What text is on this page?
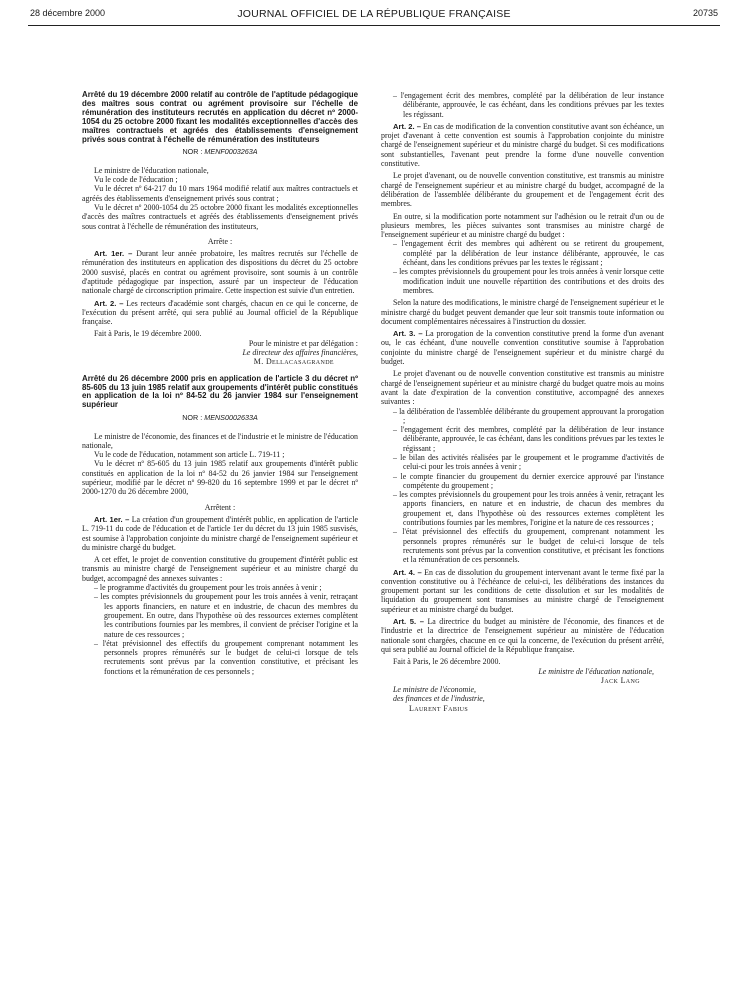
28 décembre 2000	JOURNAL OFFICIEL DE LA RÉPUBLIQUE FRANÇAISE	20735
Arrêté du 19 décembre 2000 relatif au contrôle de l'aptitude pédagogique des maîtres sous contrat ou agrément provisoire sur l'échelle de rémunération des instituteurs recrutés en application du décret nº 2000-1054 du 25 octobre 2000 fixant les modalités exceptionnelles d'accès des maîtres contractuels et agréés des établissements d'enseignement privés sous contrat à l'échelle de rémunération des instituteurs
NOR : MENF0003263A

Le ministre de l'éducation nationale,

Vu le code de l'éducation ;

Vu le décret nº 64-217 du 10 mars 1964 modifié relatif aux maîtres contractuels et agréés des établissements d'enseignement privés sous contrat ;

Vu le décret nº 2000-1054 du 25 octobre 2000 fixant les modalités exceptionnelles d'accès des maîtres contractuels et agréés des établissements d'enseignement privés sous contrat à l'échelle de rémunération des instituteurs,

Arrête :

Art. 1er. – Durant leur année probatoire, les maîtres recrutés sur l'échelle de rémunération des instituteurs en application des dispositions du décret du 25 octobre 2000 susvisé, placés en contrat ou agrément provisoire, sont soumis à un contrôle d'aptitude pédagogique par inspection, assuré par un inspecteur de l'éducation nationale chargé de circonscription primaire. Cette inspection est suivie d'un entretien.

Art. 2. – Les recteurs d'académie sont chargés, chacun en ce qui le concerne, de l'exécution du présent arrêté, qui sera publié au Journal officiel de la République française.

Fait à Paris, le 19 décembre 2000.

Pour le ministre et par délégation :

Le directeur des affaires financières,

M. Dellacasagrande

Arrêté du 26 décembre 2000 pris en application de l'article 3 du décret nº 85-605 du 13 juin 1985 relatif aux groupements d'intérêt public constitués en application de la loi nº 84-52 du 26 janvier 1984 sur l'enseignement supérieur
NOR : MENS0002633A

Le ministre de l'économie, des finances et de l'industrie et le ministre de l'éducation nationale,

Vu le code de l'éducation, notamment son article L. 719-11 ;

Vu le décret nº 85-605 du 13 juin 1985 relatif aux groupements d'intérêt public constitués en application de la loi nº 84-52 du 26 janvier 1984 sur l'enseignement supérieur, modifié par le décret nº 99-820 du 16 septembre 1999 et par le décret nº 2000-1270 du 26 décembre 2000,

Arrêtent :

Art. 1er. – La création d'un groupement d'intérêt public, en application de l'article L. 719-11 du code de l'éducation et de l'article 1er du décret du 13 juin 1985 susvisés, est soumise à l'approbation conjointe du ministre chargé de l'enseignement supérieur et du ministre chargé du budget.

A cet effet, le projet de convention constitutive du groupement d'intérêt public est transmis au ministre chargé de l'enseignement supérieur et au ministre chargé du budget, accompagné des annexes suivantes :

– le programme d'activités du groupement pour les trois années à venir ;
– les comptes prévisionnels du groupement pour les trois années à venir, retraçant les apports financiers, en nature et en industrie, de chacun des membres du groupement. En outre, dans l'hypothèse où des ressources externes complètent les contributions fournies par les membres, il convient de préciser l'origine et la nature de ces ressources ;
– l'état prévisionnel des effectifs du groupement comprenant notamment les personnels propres rémunérés sur le budget de celui-ci lorsque de tels recrutements sont prévus par la convention constitutive, et précisant les fonctions et la rémunération de ces personnels ;
– l'engagement écrit des membres, complété par la délibération de leur instance délibérante, approuvée, le cas échéant, dans les conditions prévues par les textes les régissant.

Art. 2. – En cas de modification de la convention constitutive avant son échéance, un projet d'avenant à cette convention est soumis à l'approbation conjointe du ministre chargé de l'enseignement supérieur et du ministre chargé du budget. Si ces modifications sont substantielles, l'avenant peut prendre la forme d'une nouvelle convention constitutive.

Le projet d'avenant, ou de nouvelle convention constitutive, est transmis au ministre chargé de l'enseignement supérieur et au ministre chargé du budget, accompagné de la délibération de l'assemblée délibérante du groupement et de l'engagement écrit des membres.

En outre, si la modification porte notamment sur l'adhésion ou le retrait d'un ou de plusieurs membres, les pièces suivantes sont transmises au ministre chargé de l'enseignement supérieur et au ministre chargé du budget :

– l'engagement écrit des membres qui adhèrent ou se retirent du groupement, complété par la délibération de leur instance délibérante, approuvée, le cas échéant, dans les conditions prévues par les textes le régissant ;
– les comptes prévisionnels du groupement pour les trois années à venir lorsque cette modification induit une nouvelle répartition des contributions et des droits des membres.

Selon la nature des modifications, le ministre chargé de l'enseignement supérieur et le ministre chargé du budget peuvent demander que leur soit transmis toute information ou document complémentaires nécessaires à l'instruction du dossier.

Art. 3. – La prorogation de la convention constitutive prend la forme d'un avenant ou, le cas échéant, d'une nouvelle convention constitutive soumise à l'approbation conjointe du ministre chargé de l'enseignement supérieur et du ministre chargé du budget.

Le projet d'avenant ou de nouvelle convention constitutive est transmis au ministre chargé de l'enseignement supérieur et au ministre chargé du budget quatre mois au moins avant la date d'expiration de la convention constitutive, accompagné des annexes suivantes :

– la délibération de l'assemblée délibérante du groupement approuvant la prorogation ;
– l'engagement écrit des membres, complété par la délibération de leur instance délibérante, approuvée, le cas échéant, dans les conditions prévues par les textes le régissant ;
– le bilan des activités réalisées par le groupement et le programme d'activités de celui-ci pour les trois années à venir ;
– le compte financier du groupement du dernier exercice approuvé par l'instance compétente du groupement ;
– les comptes prévisionnels du groupement pour les trois années à venir, retraçant les apports financiers, en nature et en industrie, de chacun des membres du groupement et, dans l'hypothèse où des ressources externes complètent les contributions fournies par les membres, l'origine et la nature de ces ressources ;
– l'état prévisionnel des effectifs du groupement, comprenant notamment les personnels propres rémunérés sur le budget de celui-ci lorsque de tels recrutements sont prévus par la convention constitutive, et précisant les fonctions et la rémunération de ces personnels.

Art. 4. – En cas de dissolution du groupement intervenant avant le terme fixé par la convention constitutive ou à l'échéance de celui-ci, les délibérations des instances du groupement portant sur les conditions de cette dissolution et sur les modalités de liquidation du groupement sont transmises au ministre chargé de l'enseignement supérieur et au ministre chargé du budget.

Art. 5. – La directrice du budget au ministère de l'économie, des finances et de l'industrie et la directrice de l'enseignement supérieur au ministère de l'éducation nationale sont chargées, chacune en ce qui la concerne, de l'exécution du présent arrêté, qui sera publié au Journal officiel de la République française.

Fait à Paris, le 26 décembre 2000.

Le ministre de l'éducation nationale,

Jack Lang

Le ministre de l'économie,

des finances et de l'industrie,

Laurent Fabius
